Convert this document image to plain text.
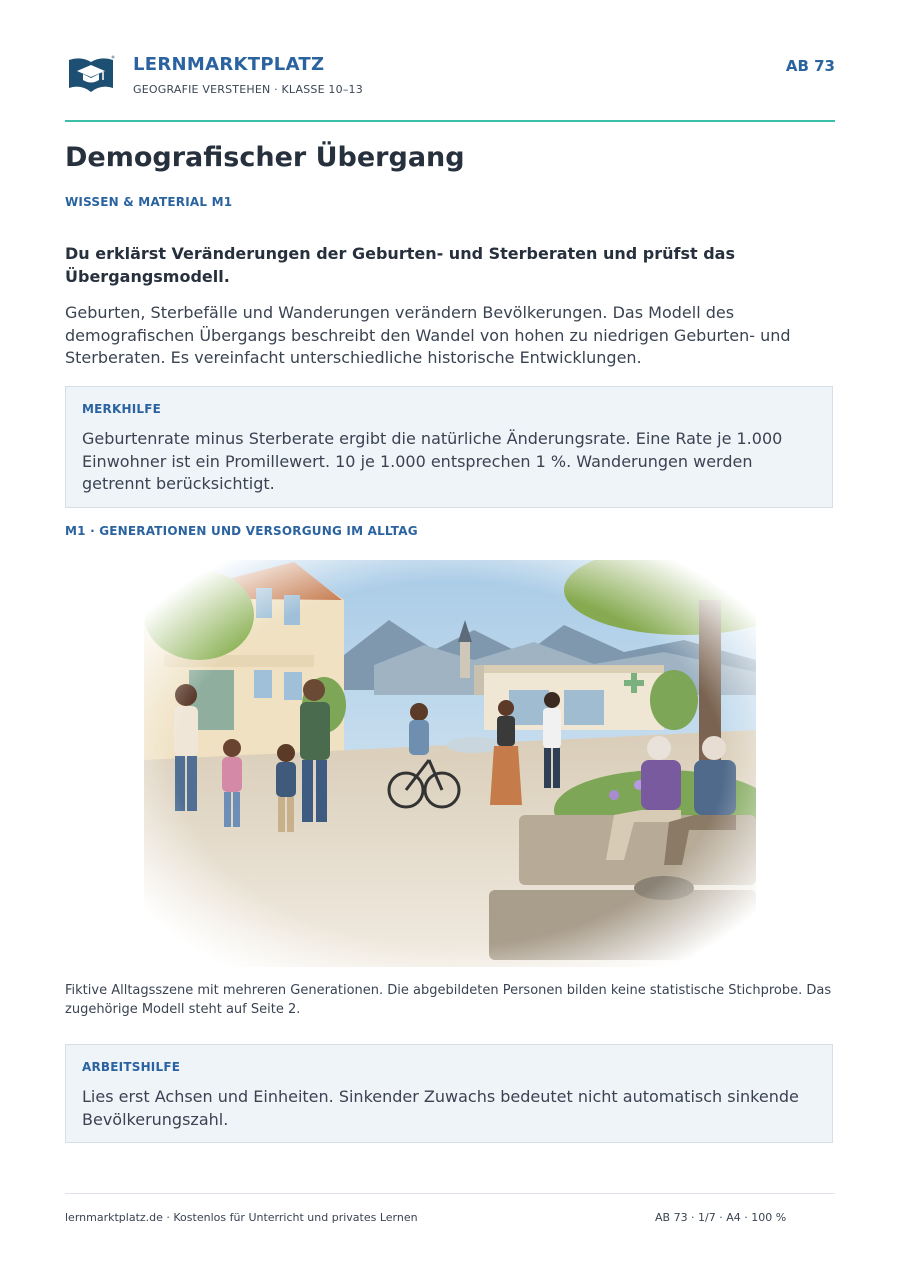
LERNMARKTPLATZ
GEOGRAFIE VERSTEHEN · KLASSE 10–13
AB 73
Demografischer Übergang
WISSEN & MATERIAL M1

Du erklärst Veränderungen der Geburten- und Sterberaten und prüfst das Übergangsmodell.

Geburten, Sterbefälle und Wanderungen verändern Bevölkerungen. Das Modell des demografischen Übergangs beschreibt den Wandel von hohen zu niedrigen Geburten- und Sterberaten. Es vereinfacht unterschiedliche historische Entwicklungen.

MERKHILFE
Geburtenrate minus Sterberate ergibt die natürliche Änderungsrate. Eine Rate je 1.000 Einwohner ist ein Promillewert. 10 je 1.000 entsprechen 1 %. Wanderungen werden getrennt berücksichtigt.
M1 · GENERATIONEN UND VERSORGUNG IM ALLTAG

Fiktive Alltagsszene mit mehreren Generationen. Die abgebildeten Personen bilden keine statistische Stichprobe. Das zugehörige Modell steht auf Seite 2.

ARBEITSHILFE
Lies erst Achsen und Einheiten. Sinkender Zuwachs bedeutet nicht automatisch sinkende Bevölkerungszahl.
lernmarktplatz.de · Kostenlos für Unterricht und privates Lernen	AB 73 · 1/7 · A4 · 100 %
